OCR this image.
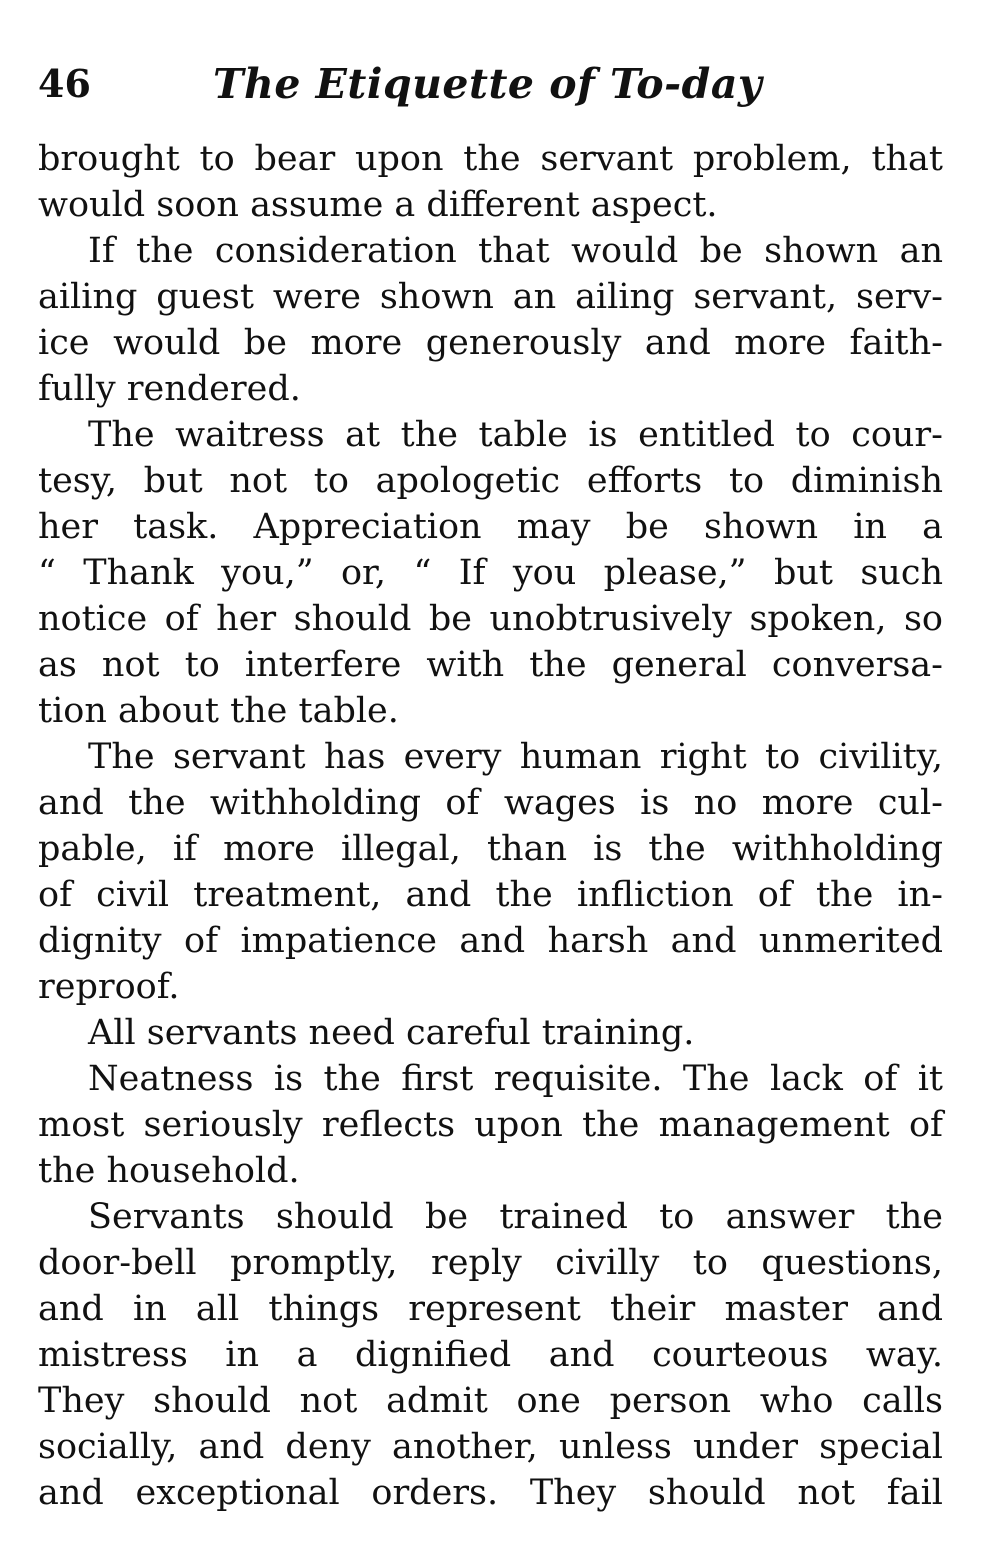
46	The Etiquette of To-day
brought to bear upon the servant problem, that
would soon assume a different aspect.
If the consideration that would be shown an
ailing guest were shown an ailing servant, serv-
ice would be more generously and more faith-
fully rendered.
The waitress at the table is entitled to cour-
tesy, but not to apologetic efforts to diminish
her task. Appreciation may be shown in a
“ Thank you,” or, “ If you please,” but such
notice of her should be unobtrusively spoken, so
as not to interfere with the general conversa-
tion about the table.
The servant has every human right to civility,
and the withholding of wages is no more cul-
pable, if more illegal, than is the withholding
of civil treatment, and the infliction of the in-
dignity of impatience and harsh and unmerited
reproof.
All servants need careful training.
Neatness is the first requisite. The lack of it
most seriously reflects upon the management of
the household.
Servants should be trained to answer the
door-bell promptly, reply civilly to questions,
and in all things represent their master and
mistress in a dignified and courteous way.
They should not admit one person who calls
socially, and deny another, unless under special
and exceptional orders. They should not fail
